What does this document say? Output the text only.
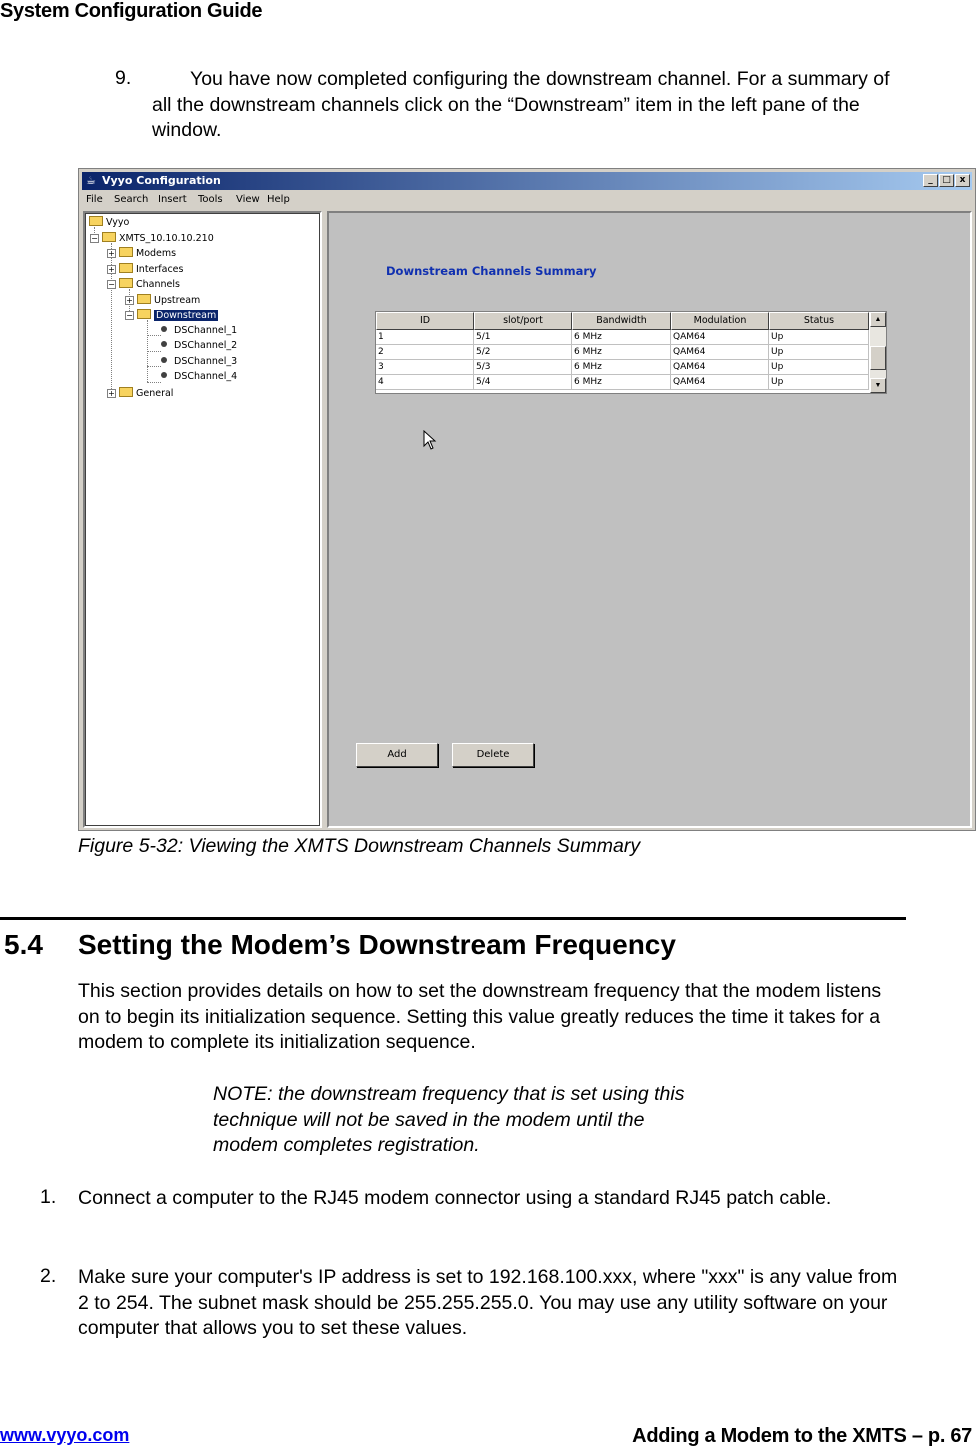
System Configuration Guide
9.	You have now completed configuring the downstream channel. For a summary of all the downstream channels click on the “Downstream” item in the left pane of the window.
☕ Vyyo Configuration	_	□ x
File Search Insert Tools View Help
Vyyo
− XMTS_10.10.10.210
+ Modems
+ Interfaces
− Channels
+ Upstream
− Downstream
DSChannel_1
DSChannel_2
DSChannel_3
DSChannel_4
+ General
Downstream Channels Summary
ID	slot/port	Bandwidth	Modulation	Status
1	5/1	6 MHz	QAM64	Up
2	5/2	6 MHz	QAM64	Up
3	5/3	6 MHz	QAM64	Up
4	5/4	6 MHz	QAM64	Up
▲
▼
Add	Delete
Figure 5-32: Viewing the XMTS Downstream Channels Summary
5.4 Setting the Modem’s Downstream Frequency
This section provides details on how to set the downstream frequency that the modem listens on to begin its initialization sequence. Setting this value greatly reduces the time it takes for a modem to complete its initialization sequence.
NOTE: the downstream frequency that is set using this
technique will not be saved in the modem until the
modem completes registration.
1. Connect a computer to the RJ45 modem connector using a standard RJ45 patch cable.
2. Make sure your computer's IP address is set to 192.168.100.xxx, where "xxx" is any value from 2 to 254. The subnet mask should be 255.255.255.0. You may use any utility software on your computer that allows you to set these values.
www.vyyo.com	Adding a Modem to the XMTS – p. 67
